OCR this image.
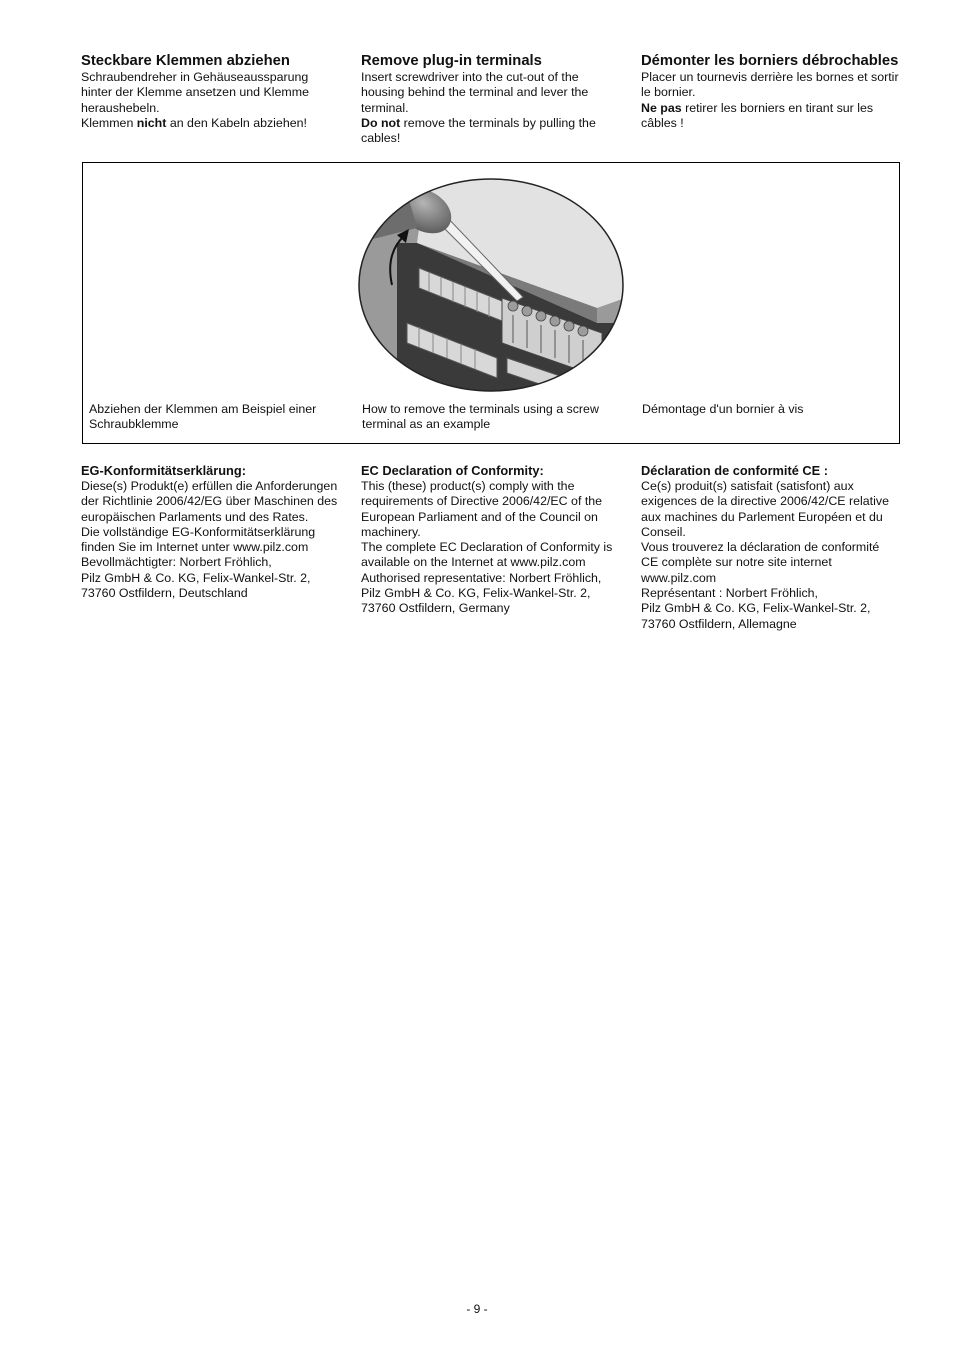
Steckbare Klemmen abziehen

Schraubendreher in Gehäuseaussparung hinter der Klemme ansetzen und Klemme heraushebeln.

Klemmen nicht an den Kabeln abziehen!

Remove plug-in terminals

Insert screwdriver into the cut-out of the housing behind the terminal and lever the terminal.

Do not remove the terminals by pulling the cables!

Démonter les borniers débrochables

Placer un tournevis derrière les bornes et sortir le bornier.

Ne pas retirer les borniers en tirant sur les câbles !

Abziehen der Klemmen am Beispiel einer Schraubklemme
How to remove the terminals using a screw terminal as an example
Démontage d'un bornier à vis
EG-Konformitätserklärung:

Diese(s) Produkt(e) erfüllen die Anforderungen der Richtlinie 2006/42/EG über Maschinen des europäischen Parlaments und des Rates.

Die vollständige EG-Konformitätserklärung finden Sie im Internet unter www.pilz.com

Bevollmächtigter: Norbert Fröhlich,

Pilz GmbH & Co. KG, Felix-Wankel-Str. 2,

73760 Ostfildern, Deutschland

EC Declaration of Conformity:

This (these) product(s) comply with the requirements of Directive 2006/42/EC of the European Parliament and of the Council on machinery.

The complete EC Declaration of Conformity is available on the Internet at www.pilz.com

Authorised representative: Norbert Fröhlich,

Pilz GmbH & Co. KG, Felix-Wankel-Str. 2,

73760 Ostfildern, Germany

Déclaration de conformité CE :

Ce(s) produit(s) satisfait (satisfont) aux exigences de la directive 2006/42/CE relative aux machines du Parlement Européen et du Conseil.

Vous trouverez la déclaration de conformité CE complète sur notre site internet www.pilz.com

Représentant : Norbert Fröhlich,

Pilz GmbH & Co. KG, Felix-Wankel-Str. 2,

73760 Ostfildern, Allemagne

- 9 -
